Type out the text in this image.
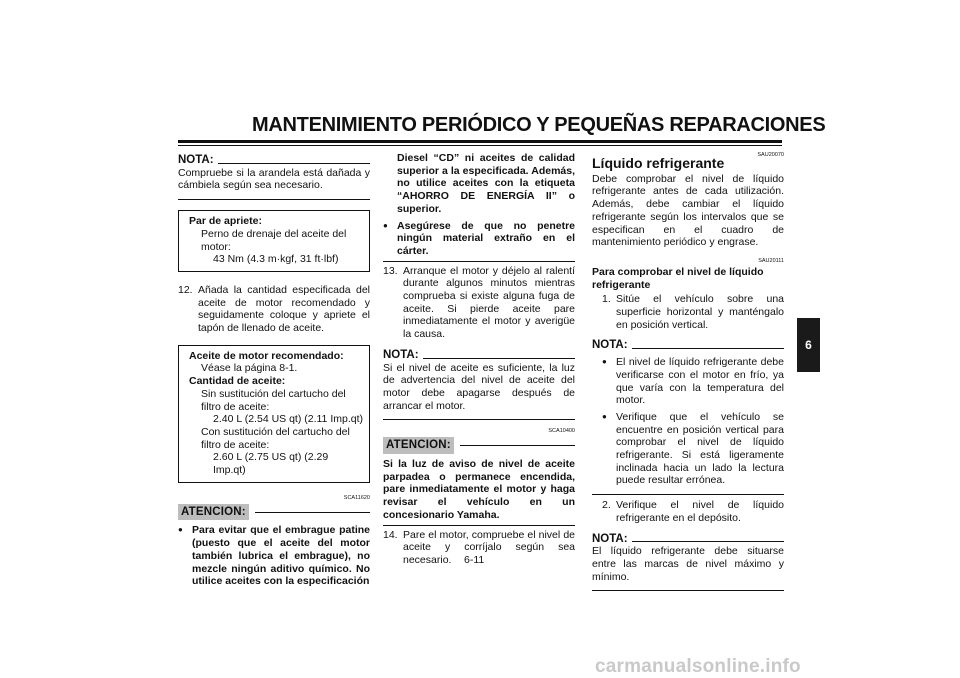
MANTENIMIENTO PERIÓDICO Y PEQUEÑAS REPARACIONES
NOTA:
Compruebe si la arandela está dañada y cámbiela según sea necesario.
Par de apriete:
Perno de drenaje del aceite del motor:
43 Nm (4.3 m·kgf, 31 ft·lbf)
12. Añada la cantidad especificada del aceite de motor recomendado y seguidamente coloque y apriete el tapón de llenado de aceite.
Aceite de motor recomendado:
Véase la página 8-1.
Cantidad de aceite:
Sin sustitución del cartucho del filtro de aceite:
2.40 L (2.54 US qt) (2.11 Imp.qt)
Con sustitución del cartucho del filtro de aceite:
2.60 L (2.75 US qt) (2.29 Imp.qt)
SCA11620
ATENCION:
● Para evitar que el embrague patine (puesto que el aceite del motor también lubrica el embrague), no mezcle ningún aditivo químico. No utilice aceites con la especificación
Diesel “CD” ni aceites de calidad superior a la especificada. Además, no utilice aceites con la etiqueta “AHORRO DE ENERGÍA II” o superior.
● Asegúrese de que no penetre ningún material extraño en el cárter.
13. Arranque el motor y déjelo al ralentí durante algunos minutos mientras comprueba si existe alguna fuga de aceite. Si pierde aceite pare inmediatamente el motor y averigüe la causa.
NOTA:
Si el nivel de aceite es suficiente, la luz de advertencia del nivel de aceite del motor debe apagarse después de arrancar el motor.
SCA10400
ATENCION:
Si la luz de aviso de nivel de aceite parpadea o permanece encendida, pare inmediatamente el motor y haga revisar el vehículo en un concesionario Yamaha.
14. Pare el motor, compruebe el nivel de aceite y corríjalo según sea necesario.
SAU20070
Líquido refrigerante
Debe comprobar el nivel de líquido refrigerante antes de cada utilización. Además, debe cambiar el líquido refrigerante según los intervalos que se especifican en el cuadro de mantenimiento periódico y engrase.
SAU20111
Para comprobar el nivel de líquido refrigerante
1. Sitúe el vehículo sobre una superficie horizontal y manténgalo en posición vertical.
NOTA:
● El nivel de líquido refrigerante debe verificarse con el motor en frío, ya que varía con la temperatura del motor.
● Verifique que el vehículo se encuentre en posición vertical para comprobar el nivel de líquido refrigerante. Si está ligeramente inclinada hacia un lado la lectura puede resultar errónea.
2. Verifique el nivel de líquido refrigerante en el depósito.
NOTA:
El líquido refrigerante debe situarse entre las marcas de nivel máximo y mínimo.
6
6-11
carmanualsonline.info
